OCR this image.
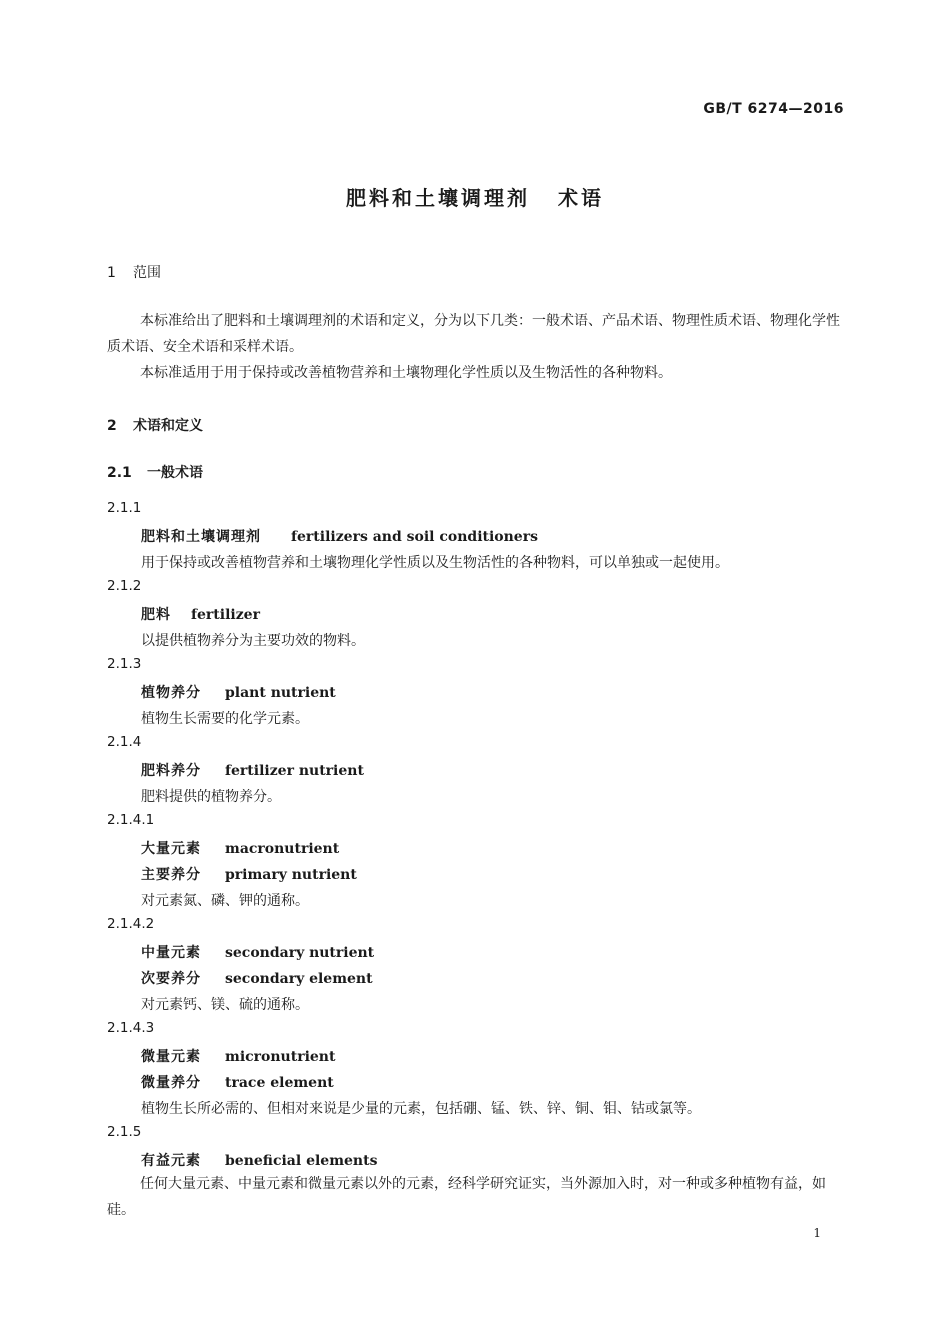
GB/T 6274—2016
肥料和土壤调理剂 术语
1 范围
本标准给出了肥料和土壤调理剂的术语和定义，分为以下几类：一般术语、产品术语、物理性质术语、物理化学性质术语、安全术语和采样术语。
本标准适用于用于保持或改善植物营养和土壤物理化学性质以及生物活性的各种物料。
2 术语和定义
2.1 一般术语
2.1.1
肥料和土壤调理剂 fertilizers and soil conditioners
用于保持或改善植物营养和土壤物理化学性质以及生物活性的各种物料，可以单独或一起使用。
2.1.2
肥料 fertilizer
以提供植物养分为主要功效的物料。
2.1.3
植物养分 plant nutrient
植物生长需要的化学元素。
2.1.4
肥料养分 fertilizer nutrient
肥料提供的植物养分。
2.1.4.1
大量元素 macronutrient
主要养分 primary nutrient
对元素氮、磷、钾的通称。
2.1.4.2
中量元素 secondary nutrient
次要养分 secondary element
对元素钙、镁、硫的通称。
2.1.4.3
微量元素 micronutrient
微量养分 trace element
植物生长所必需的、但相对来说是少量的元素，包括硼、锰、铁、锌、铜、钼、钴或氯等。
2.1.5
有益元素 beneficial elements
任何大量元素、中量元素和微量元素以外的元素，经科学研究证实，当外源加入时，对一种或多种植物有益，如硅。
1
